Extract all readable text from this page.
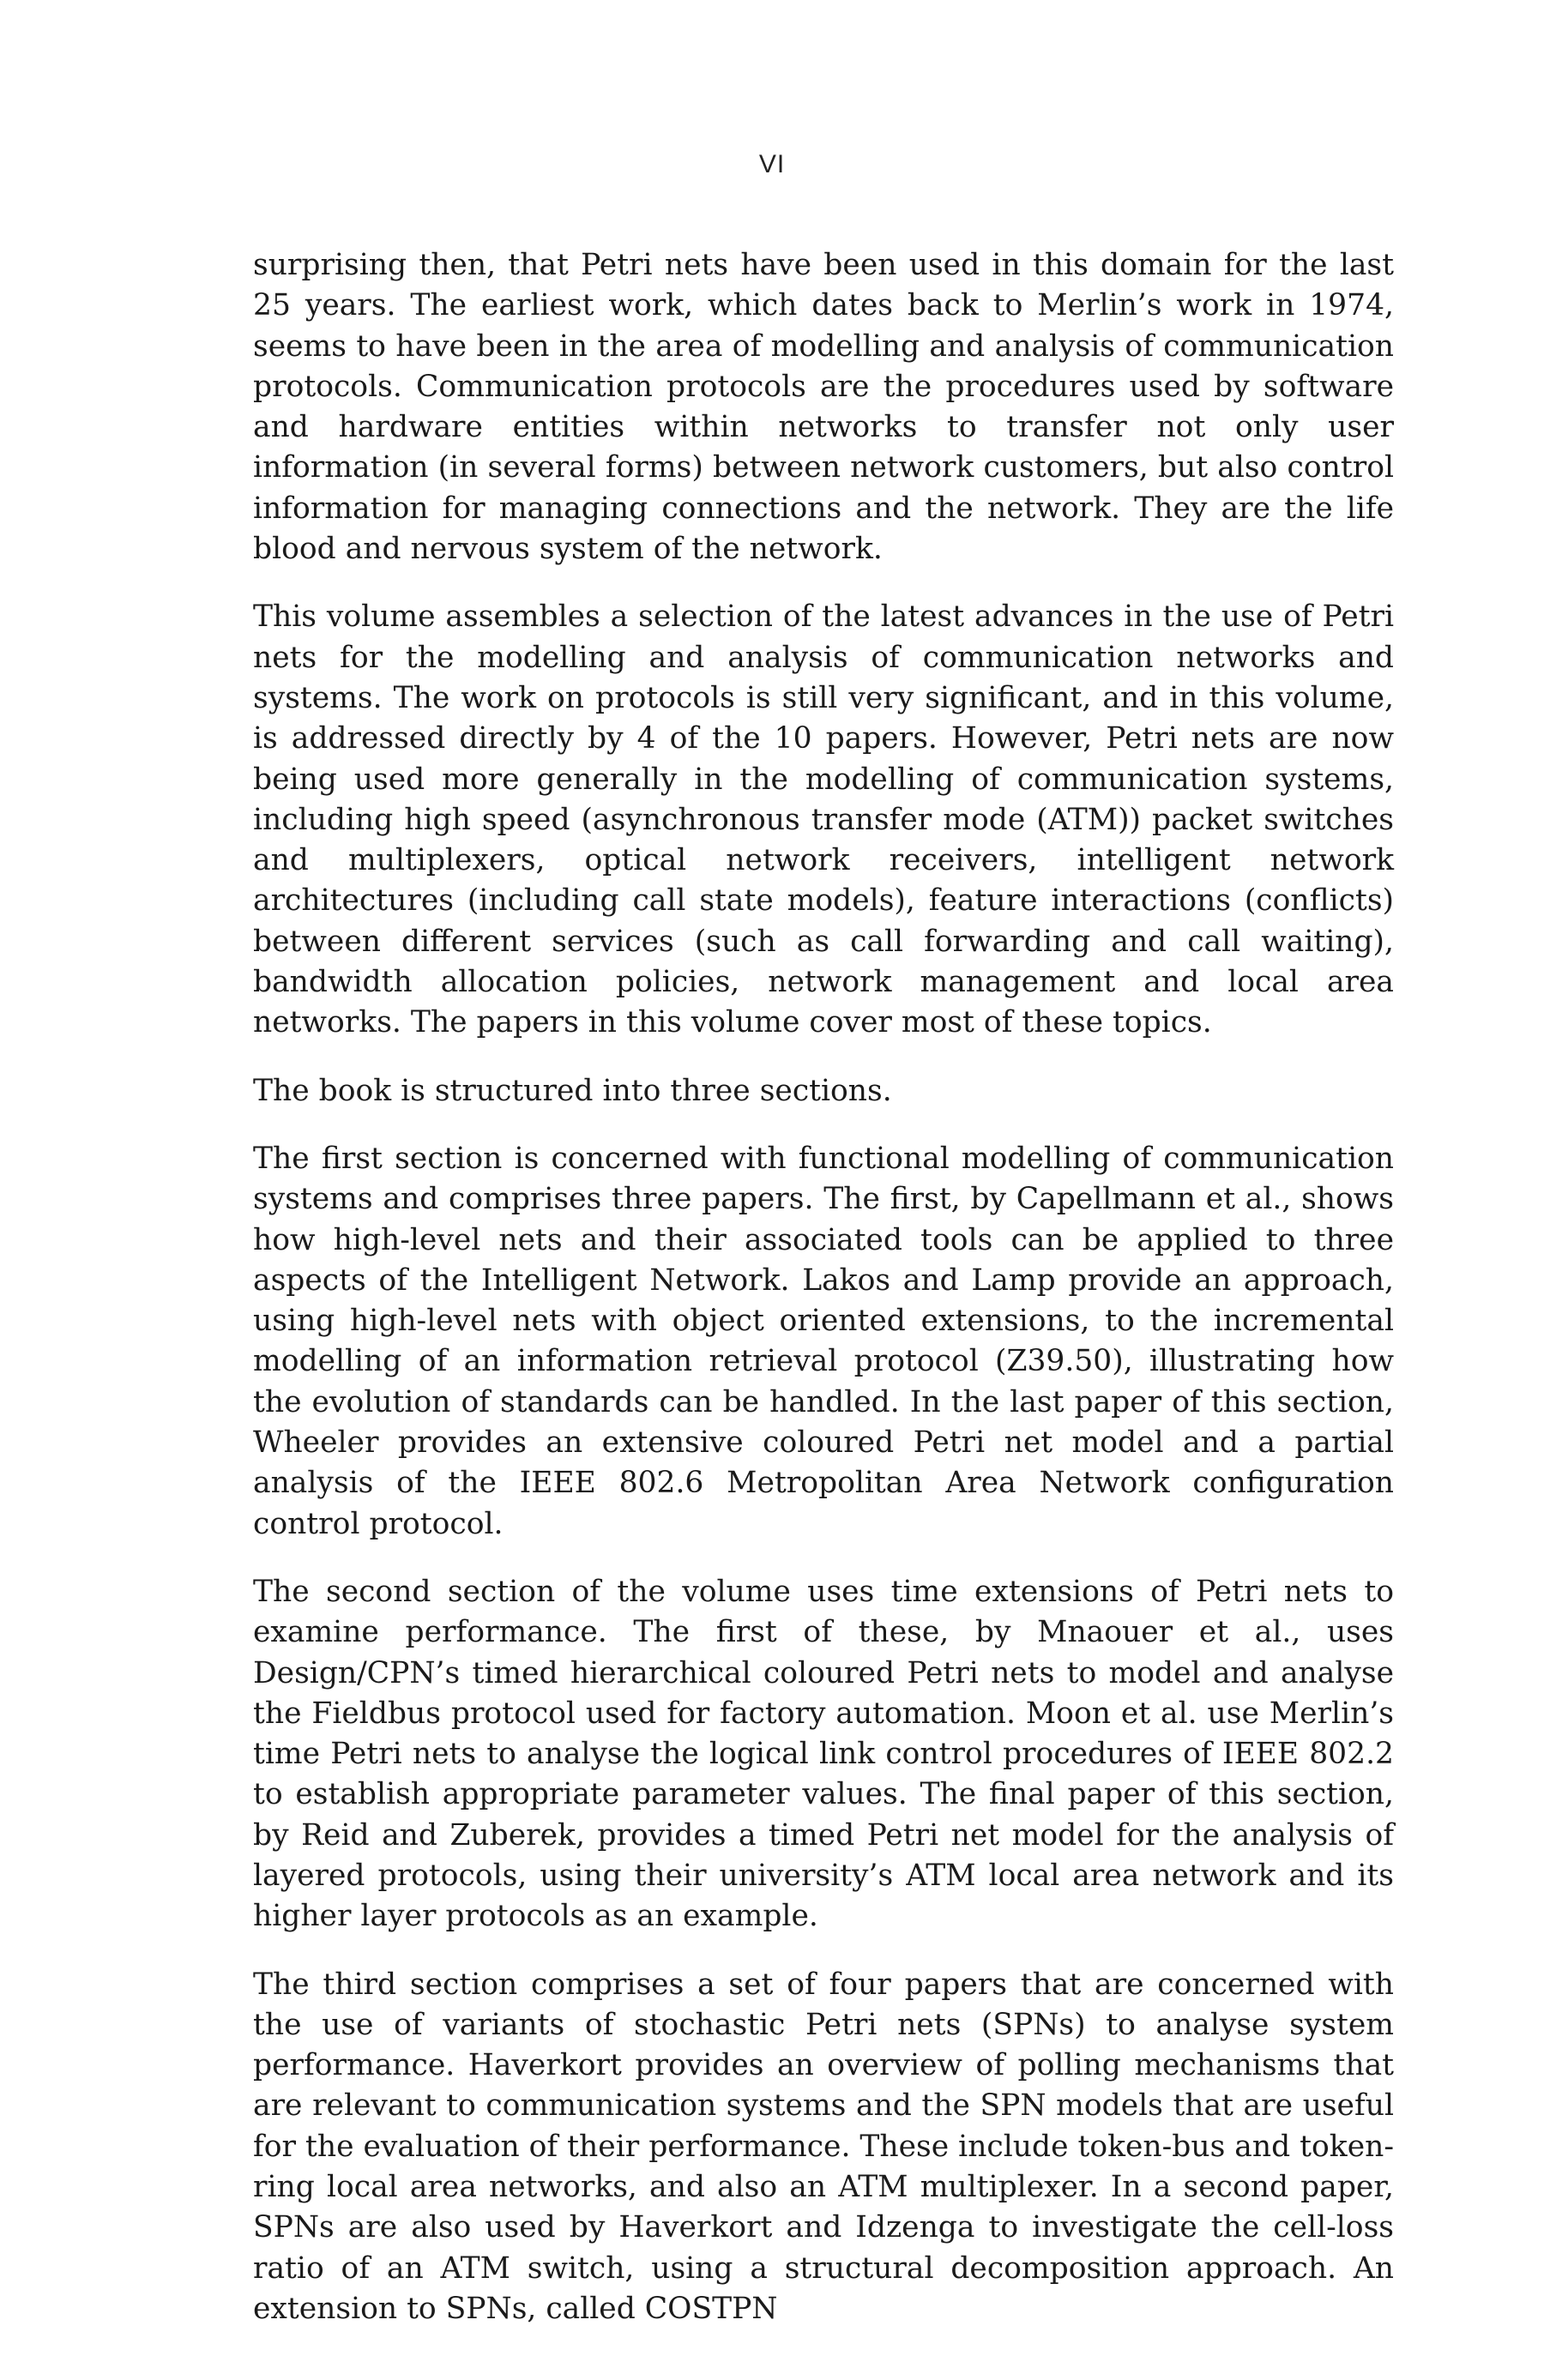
VI

surprising then, that Petri nets have been used in this domain for the last 25 years. The earliest work, which dates back to Merlin’s work in 1974, seems to have been in the area of modelling and analysis of communication protocols. Communication protocols are the procedures used by software and hardware entities within networks to transfer not only user information (in several forms) between network customers, but also control information for managing connections and the network. They are the life blood and nervous system of the network.

This volume assembles a selection of the latest advances in the use of Petri nets for the modelling and analysis of communication networks and systems. The work on protocols is still very significant, and in this volume, is addressed directly by 4 of the 10 papers. However, Petri nets are now being used more generally in the modelling of communication systems, including high speed (asynchronous transfer mode (ATM)) packet switches and multiplexers, optical network receivers, intelligent network architectures (including call state models), feature interactions (conflicts) between different services (such as call forwarding and call waiting), bandwidth allocation policies, network management and local area networks. The papers in this volume cover most of these topics.

The book is structured into three sections.

The first section is concerned with functional modelling of communication systems and comprises three papers. The first, by Capellmann et al., shows how high-level nets and their associated tools can be applied to three aspects of the Intelligent Network. Lakos and Lamp provide an approach, using high-level nets with object oriented extensions, to the incremental modelling of an information retrieval protocol (Z39.50), illustrating how the evolution of standards can be handled. In the last paper of this section, Wheeler provides an extensive coloured Petri net model and a partial analysis of the IEEE 802.6 Metropolitan Area Network configuration control protocol.

The second section of the volume uses time extensions of Petri nets to examine performance. The first of these, by Mnaouer et al., uses Design/CPN’s timed hierarchical coloured Petri nets to model and analyse the Fieldbus protocol used for factory automation. Moon et al. use Merlin’s time Petri nets to analyse the logical link control procedures of IEEE 802.2 to establish appropriate parameter values. The final paper of this section, by Reid and Zuberek, provides a timed Petri net model for the analysis of layered protocols, using their university’s ATM local area network and its higher layer protocols as an example.

The third section comprises a set of four papers that are concerned with the use of variants of stochastic Petri nets (SPNs) to analyse system performance. Haverkort provides an overview of polling mechanisms that are relevant to communication systems and the SPN models that are useful for the evaluation of their performance. These include token-bus and token-ring local area networks, and also an ATM multiplexer. In a second paper, SPNs are also used by Haverkort and Idzenga to investigate the cell-loss ratio of an ATM switch, using a structural decomposition approach. An extension to SPNs, called COSTPN
